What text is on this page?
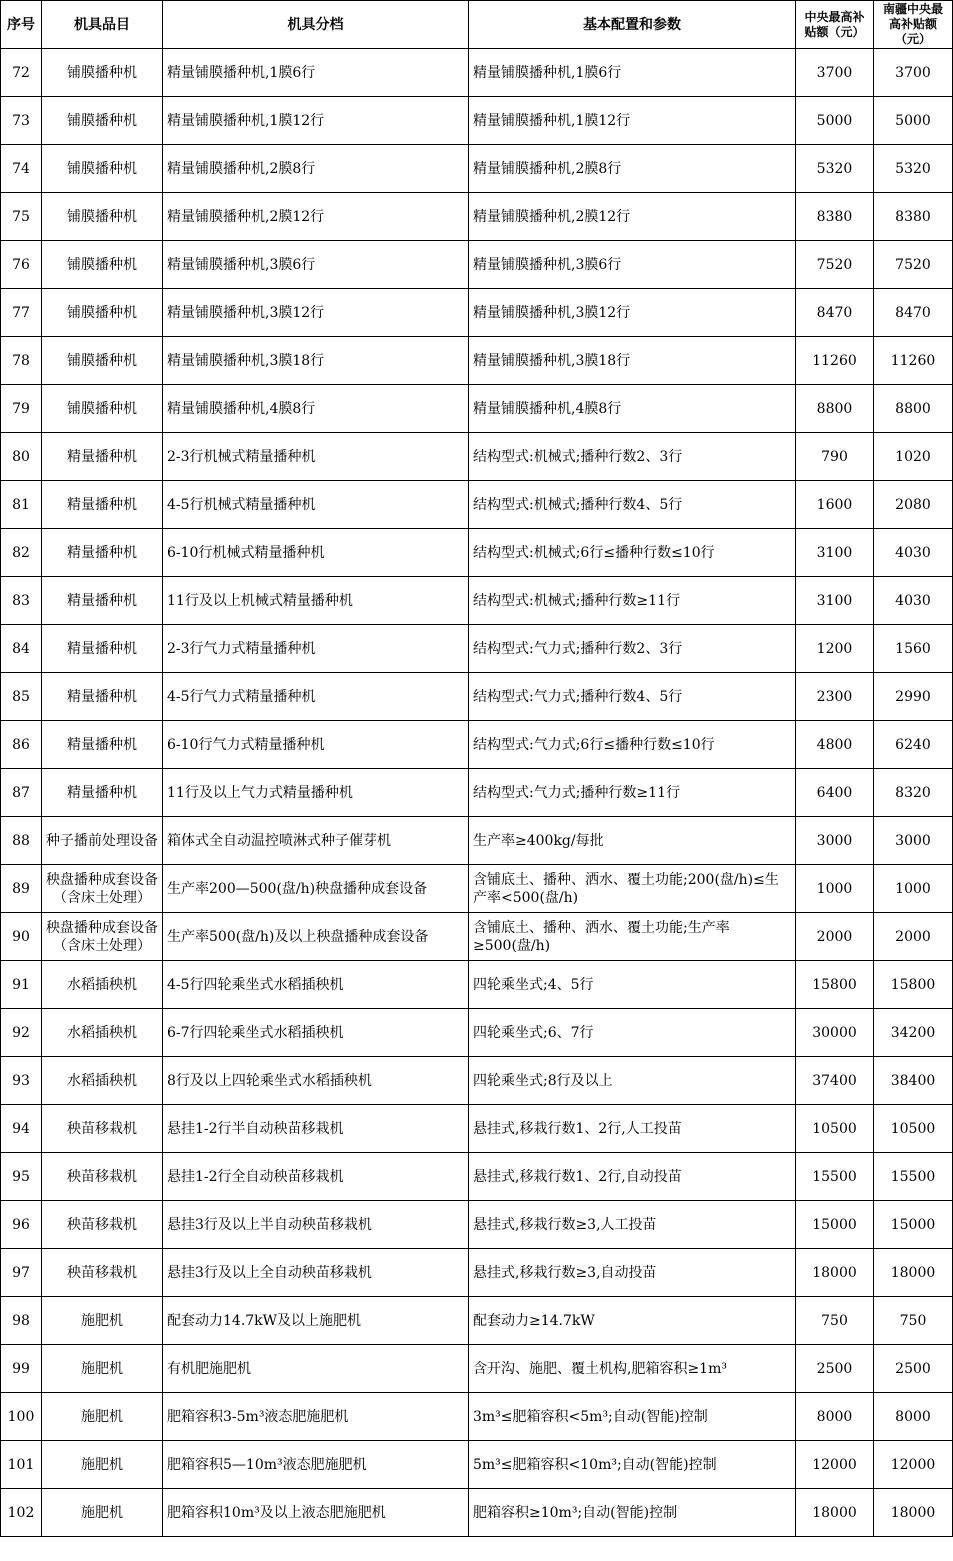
序号	机具品目	机具分档	基本配置和参数	中央最高补贴额（元）	南疆中央最高补贴额（元）
72	铺膜播种机	精量铺膜播种机,1膜6行	精量铺膜播种机,1膜6行	3700	3700
73	铺膜播种机	精量铺膜播种机,1膜12行	精量铺膜播种机,1膜12行	5000	5000
74	铺膜播种机	精量铺膜播种机,2膜8行	精量铺膜播种机,2膜8行	5320	5320
75	铺膜播种机	精量铺膜播种机,2膜12行	精量铺膜播种机,2膜12行	8380	8380
76	铺膜播种机	精量铺膜播种机,3膜6行	精量铺膜播种机,3膜6行	7520	7520
77	铺膜播种机	精量铺膜播种机,3膜12行	精量铺膜播种机,3膜12行	8470	8470
78	铺膜播种机	精量铺膜播种机,3膜18行	精量铺膜播种机,3膜18行	11260	11260
79	铺膜播种机	精量铺膜播种机,4膜8行	精量铺膜播种机,4膜8行	8800	8800
80	精量播种机	2-3行机械式精量播种机	结构型式:机械式;播种行数2、3行	790	1020
81	精量播种机	4-5行机械式精量播种机	结构型式:机械式;播种行数4、5行	1600	2080
82	精量播种机	6-10行机械式精量播种机	结构型式:机械式;6行≤播种行数≤10行	3100	4030
83	精量播种机	11行及以上机械式精量播种机	结构型式:机械式;播种行数≥11行	3100	4030
84	精量播种机	2-3行气力式精量播种机	结构型式:气力式;播种行数2、3行	1200	1560
85	精量播种机	4-5行气力式精量播种机	结构型式:气力式;播种行数4、5行	2300	2990
86	精量播种机	6-10行气力式精量播种机	结构型式:气力式;6行≤播种行数≤10行	4800	6240
87	精量播种机	11行及以上气力式精量播种机	结构型式:气力式;播种行数≥11行	6400	8320
88	种子播前处理设备	箱体式全自动温控喷淋式种子催芽机	生产率≥400kg/每批	3000	3000
89	秧盘播种成套设备（含床土处理）	生产率200—500(盘/h)秧盘播种成套设备	含铺底土、播种、洒水、覆土功能;200(盘/h)≤生产率<500(盘/h)	1000	1000
90	秧盘播种成套设备（含床土处理）	生产率500(盘/h)及以上秧盘播种成套设备	含铺底土、播种、洒水、覆土功能;生产率≥500(盘/h)	2000	2000
91	水稻插秧机	4-5行四轮乘坐式水稻插秧机	四轮乘坐式;4、5行	15800	15800
92	水稻插秧机	6-7行四轮乘坐式水稻插秧机	四轮乘坐式;6、7行	30000	34200
93	水稻插秧机	8行及以上四轮乘坐式水稻插秧机	四轮乘坐式;8行及以上	37400	38400
94	秧苗移栽机	悬挂1-2行半自动秧苗移栽机	悬挂式,移栽行数1、2行,人工投苗	10500	10500
95	秧苗移栽机	悬挂1-2行全自动秧苗移栽机	悬挂式,移栽行数1、2行,自动投苗	15500	15500
96	秧苗移栽机	悬挂3行及以上半自动秧苗移栽机	悬挂式,移栽行数≥3,人工投苗	15000	15000
97	秧苗移栽机	悬挂3行及以上全自动秧苗移栽机	悬挂式,移栽行数≥3,自动投苗	18000	18000
98	施肥机	配套动力14.7kW及以上施肥机	配套动力≥14.7kW	750	750
99	施肥机	有机肥施肥机	含开沟、施肥、覆土机构,肥箱容积≥1m³	2500	2500
100	施肥机	肥箱容积3-5m³液态肥施肥机	3m³≤肥箱容积<5m³;自动(智能)控制	8000	8000
101	施肥机	肥箱容积5—10m³液态肥施肥机	5m³≤肥箱容积<10m³;自动(智能)控制	12000	12000
102	施肥机	肥箱容积10m³及以上液态肥施肥机	肥箱容积≥10m³;自动(智能)控制	18000	18000
